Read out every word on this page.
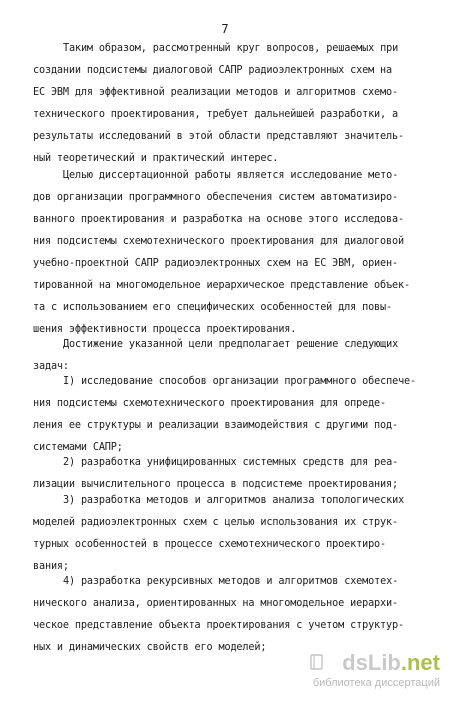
7
Таким образом, рассмотренный круг вопросов, решаемых при
создании подсистемы диалоговой САПР радиоэлектронных схем на
ЕС ЭВМ для эффективной реализации методов и алгоритмов схемо-
технического проектирования, требует дальнейшей разработки, а
результаты исследований в этой области представляют значитель-
ный теоретический и практический интерес.
Целью диссертационной работы является исследование мето-
дов организации программного обеспечения систем автоматизиро-
ванного проектирования и разработка на основе этого исследова-
ния подсистемы схемотехнического проектирования для диалоговой
учебно-проектной САПР радиоэлектронных схем на ЕС ЭВМ, ориен-
тированной на многомодельное иерархическое представление объек-
та с использованием его специфических особенностей для повы-
шения эффективности процесса проектирования.
Достижение указанной цели предполагает решение следующих
задач:
I) исследование способов организации программного обеспече-
ния подсистемы схемотехнического проектирования для опреде-
ления ее структуры и реализации взаимодействия с другими под-
системами САПР;
2) разработка унифицированных системных средств для реа-
лизации вычислительного процесса в подсистеме проектирования;
3) разработка методов и алгоритмов анализа топологических
моделей радиоэлектронных схем с целью использования их струк-
турных особенностей в процессе схемотехнического проектиро-
вания;
4) разработка рекурсивных методов и алгоритмов схемотех-
нического анализа, ориентированных на многомодельное иерархи-
ческое представление объекта проектирования с учетом структур-
ных и динамических свойств его моделей;
dsLib.net
библиотека диссертаций
